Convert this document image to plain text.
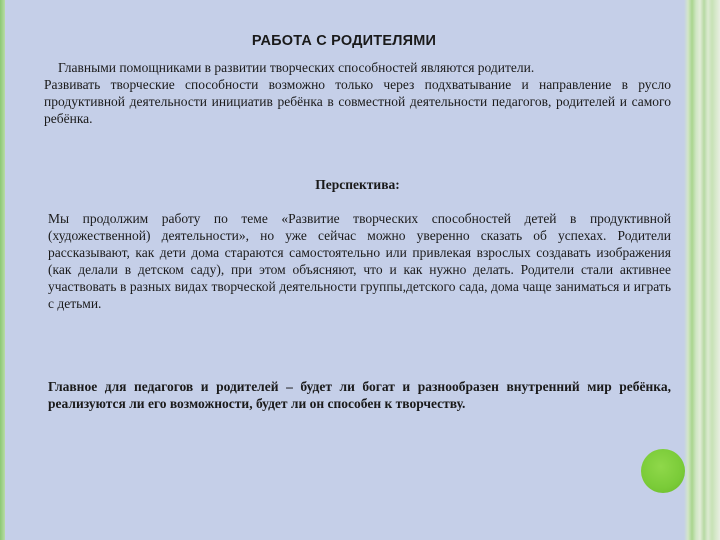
РАБОТА С РОДИТЕЛЯМИ
Главными помощниками в развитии творческих способностей являются родители.
Развивать творческие способности возможно только через подхватывание и направление в русло продуктивной деятельности инициатив ребёнка в совместной деятельности педагогов, родителей и самого ребёнка.
Перспектива:
Мы продолжим работу по теме «Развитие творческих способностей детей в продуктивной (художественной) деятельности», но уже сейчас можно уверенно сказать об успехах. Родители рассказывают, как дети дома стараются самостоятельно или привлекая взрослых создавать изображения (как делали в детском саду), при этом объясняют, что и как нужно делать. Родители стали активнее участвовать в разных видах творческой деятельности группы,детского сада, дома чаще заниматься и играть с детьми.
Главное для педагогов и родителей – будет ли богат и разнообразен внутренний мир ребёнка, реализуются ли его возможности, будет ли он способен к творчеству.
